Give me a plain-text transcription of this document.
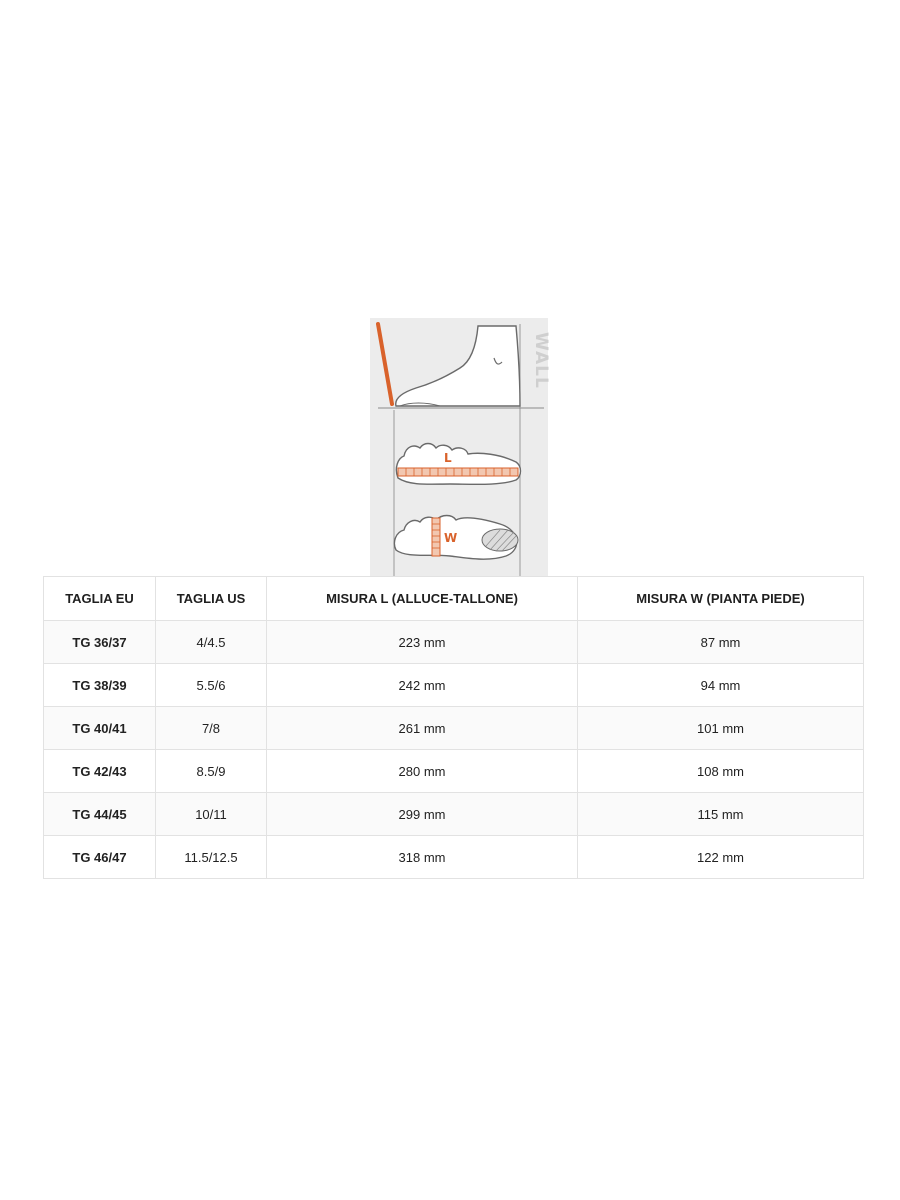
WALL
L
W
TAGLIA EU	TAGLIA US	MISURA L (ALLUCE-TALLONE)	MISURA W (PIANTA PIEDE)
TG 36/37	4/4.5	223 mm	87 mm
TG 38/39	5.5/6	242 mm	94 mm
TG 40/41	7/8	261 mm	101 mm
TG 42/43	8.5/9	280 mm	108 mm
TG 44/45	10/11	299 mm	115 mm
TG 46/47	11.5/12.5	318 mm	122 mm
